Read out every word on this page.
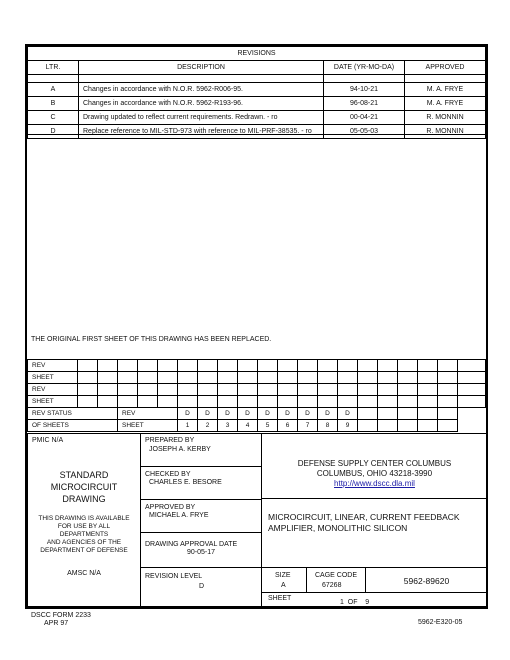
REVISIONS			
LTR.	DESCRIPTION	DATE (YR-MO-DA)	APPROVED

A	Changes in accordance with N.O.R. 5962-R006-95.	94-10-21	M. A. FRYE
B	Changes in accordance with N.O.R. 5962-R193-96.	96-08-21	M. A. FRYE
C	Drawing updated to reflect current requirements. Redrawn. - ro	00-04-21	R. MONNIN
D	Replace reference to MIL-STD-973 with reference to MIL-PRF-38535. - ro	05-05-03	R. MONNIN
THE ORIGINAL FIRST SHEET OF THIS DRAWING HAS BEEN REPLACED.
REV																				
SHEET																				
REV																				
SHEET																				
REV STATUS			REV			D	D	D	D	D	D	D	D	D						
OF SHEETS			SHEET			1	2	3	4	5	6	7	8	9						
PMIC N/A
STANDARD
MICROCIRCUIT
DRAWING
THIS DRAWING IS AVAILABLE
FOR USE BY ALL
DEPARTMENTS
AND AGENCIES OF THE
DEPARTMENT OF DEFENSE
AMSC N/A
PREPARED BY
JOSEPH A. KERBY
CHECKED BY
CHARLES E. BESORE
APPROVED BY
MICHAEL A. FRYE
DRAWING APPROVAL DATE
90-05-17
REVISION LEVEL
D
DEFENSE SUPPLY CENTER COLUMBUS
COLUMBUS, OHIO 43218-3990
http://www.dscc.dla.mil
MICROCIRCUIT, LINEAR, CURRENT FEEDBACK
AMPLIFIER, MONOLITHIC SILICON
SIZE
A
CAGE CODE
67268	5962-89620
SHEET
1  OF    9
DSCC FORM 2233
APR 97	5962-E320-05
